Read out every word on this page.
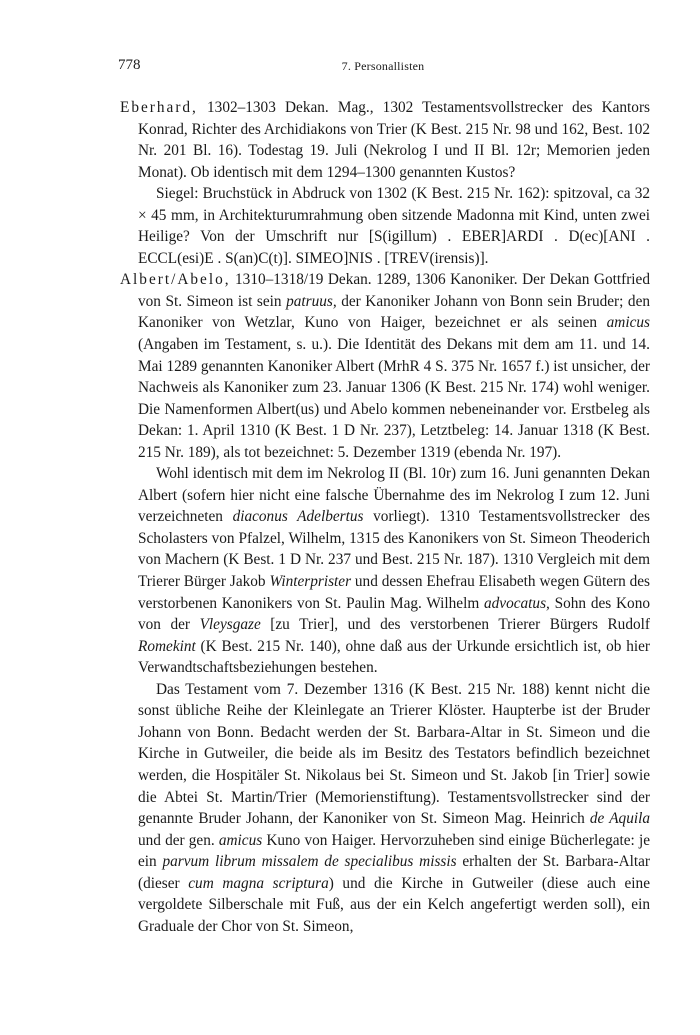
778	7. Personallisten

Eberhard, 1302–1303 Dekan. Mag., 1302 Testamentsvollstrecker des Kantors Konrad, Richter des Archidiakons von Trier (K Best. 215 Nr. 98 und 162, Best. 102 Nr. 201 Bl. 16). Todestag 19. Juli (Nekrolog I und II Bl. 12r; Memorien jeden Monat). Ob identisch mit dem 1294–1300 genannten Kustos?

Siegel: Bruchstück in Abdruck von 1302 (K Best. 215 Nr. 162): spitzoval, ca 32 × 45 mm, in Architekturumrahmung oben sitzende Madonna mit Kind, unten zwei Heilige? Von der Umschrift nur [S(igillum) . EBER]ARDI . D(ec)[ANI . ECCL(esi)E . S(an)C(t)]. SIMEO]NIS . [TREV(irensis)].

Albert/Abelo, 1310–1318/19 Dekan. 1289, 1306 Kanoniker. Der Dekan Gottfried von St. Simeon ist sein patruus, der Kanoniker Johann von Bonn sein Bruder; den Kanoniker von Wetzlar, Kuno von Haiger, bezeichnet er als seinen amicus (Angaben im Testament, s. u.). Die Identität des Dekans mit dem am 11. und 14. Mai 1289 genannten Kanoniker Albert (MrhR 4 S. 375 Nr. 1657 f.) ist unsicher, der Nachweis als Kanoniker zum 23. Januar 1306 (K Best. 215 Nr. 174) wohl weniger. Die Namenformen Albert(us) und Abelo kommen nebeneinander vor. Erstbeleg als Dekan: 1. April 1310 (K Best. 1 D Nr. 237), Letztbeleg: 14. Januar 1318 (K Best. 215 Nr. 189), als tot bezeichnet: 5. Dezember 1319 (ebenda Nr. 197).

Wohl identisch mit dem im Nekrolog II (Bl. 10r) zum 16. Juni genannten Dekan Albert (sofern hier nicht eine falsche Übernahme des im Nekrolog I zum 12. Juni verzeichneten diaconus Adelbertus vorliegt). 1310 Testamentsvollstrecker des Scholasters von Pfalzel, Wilhelm, 1315 des Kanonikers von St. Simeon Theoderich von Machern (K Best. 1 D Nr. 237 und Best. 215 Nr. 187). 1310 Vergleich mit dem Trierer Bürger Jakob Winterprister und dessen Ehefrau Elisabeth wegen Gütern des verstorbenen Kanonikers von St. Paulin Mag. Wilhelm advocatus, Sohn des Kono von der Vleysgaze [zu Trier], und des verstorbenen Trierer Bürgers Rudolf Romekint (K Best. 215 Nr. 140), ohne daß aus der Urkunde ersichtlich ist, ob hier Verwandtschaftsbeziehungen bestehen.

Das Testament vom 7. Dezember 1316 (K Best. 215 Nr. 188) kennt nicht die sonst übliche Reihe der Kleinlegate an Trierer Klöster. Haupterbe ist der Bruder Johann von Bonn. Bedacht werden der St. Barbara-Altar in St. Simeon und die Kirche in Gutweiler, die beide als im Besitz des Testators befindlich bezeichnet werden, die Hospitäler St. Nikolaus bei St. Simeon und St. Jakob [in Trier] sowie die Abtei St. Martin/Trier (Memorienstiftung). Testamentsvollstrecker sind der genannte Bruder Johann, der Kanoniker von St. Simeon Mag. Heinrich de Aquila und der gen. amicus Kuno von Haiger. Hervorzuheben sind einige Bücherlegate: je ein parvum librum missalem de specialibus missis erhalten der St. Barbara-Altar (dieser cum magna scriptura) und die Kirche in Gutweiler (diese auch eine vergoldete Silberschale mit Fuß, aus der ein Kelch angefertigt werden soll), ein Graduale der Chor von St. Simeon,
